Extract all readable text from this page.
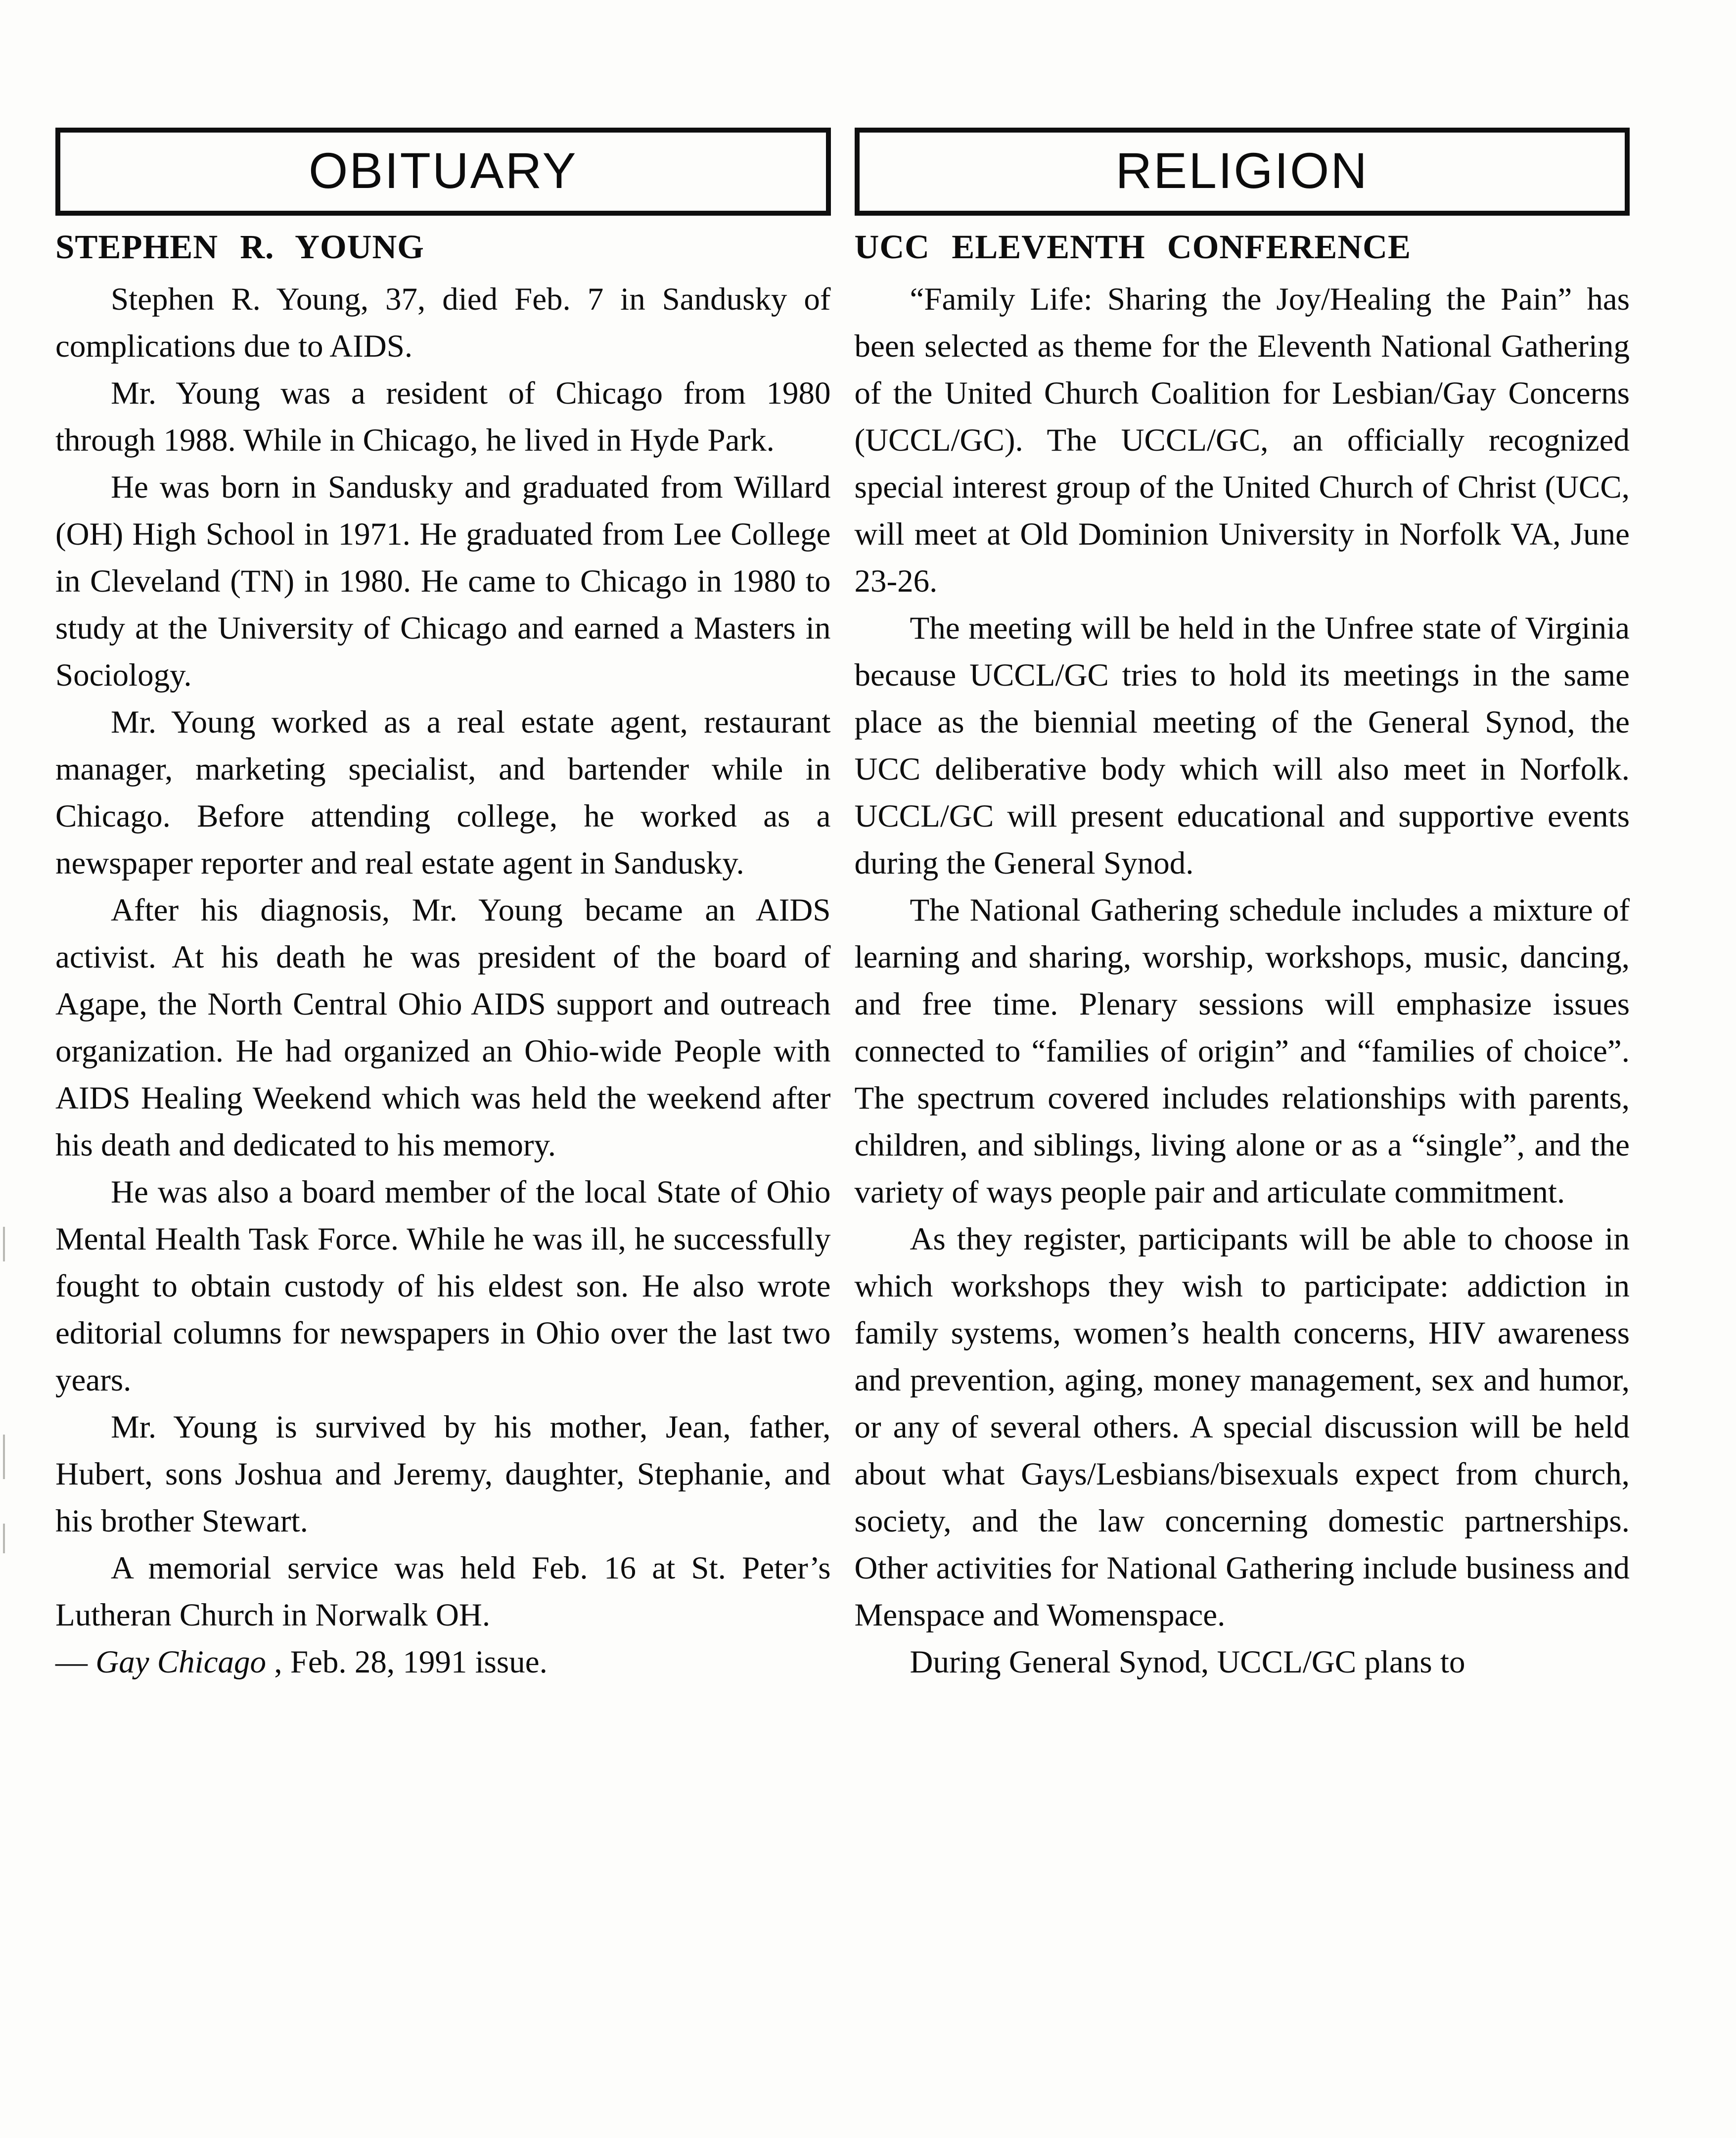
OBITUARY
STEPHEN R. YOUNG

Stephen R. Young, 37, died Feb. 7 in Sandusky of complications due to AIDS.

Mr. Young was a resident of Chicago from 1980 through 1988. While in Chicago, he lived in Hyde Park.

He was born in Sandusky and graduated from Willard (OH) High School in 1971. He graduated from Lee College in Cleveland (TN) in 1980. He came to Chicago in 1980 to study at the University of Chicago and earned a Masters in Sociology.

Mr. Young worked as a real estate agent, restaurant manager, marketing specialist, and bartender while in Chicago. Before attending college, he worked as a newspaper reporter and real estate agent in Sandusky.

After his diagnosis, Mr. Young became an AIDS activist. At his death he was president of the board of Agape, the North Central Ohio AIDS support and outreach organization. He had organized an Ohio-wide People with AIDS Healing Weekend which was held the weekend after his death and dedicated to his memory.

He was also a board member of the local State of Ohio Mental Health Task Force. While he was ill, he successfully fought to obtain custody of his eldest son. He also wrote editorial columns for newspapers in Ohio over the last two years.

Mr. Young is survived by his mother, Jean, father, Hubert, sons Joshua and Jeremy, daughter, Stephanie, and his brother Stewart.

A memorial service was held Feb. 16 at St. Peter’s Lutheran Church in Norwalk OH.

— Gay Chicago , Feb. 28, 1991 issue.

RELIGION
UCC ELEVENTH CONFERENCE

“Family Life: Sharing the Joy/Healing the Pain” has been selected as theme for the Eleventh National Gathering of the United Church Coalition for Lesbian/Gay Concerns (UCCL/GC). The UCCL/GC, an officially recognized special interest group of the United Church of Christ (UCC, will meet at Old Dominion University in Norfolk VA, June 23-26.

The meeting will be held in the Unfree state of Virginia because UCCL/GC tries to hold its meetings in the same place as the biennial meeting of the General Synod, the UCC deliberative body which will also meet in Norfolk. UCCL/GC will present educational and supportive events during the General Synod.

The National Gathering schedule includes a mixture of learning and sharing, worship, workshops, music, dancing, and free time. Plenary sessions will emphasize issues connected to “families of origin” and “families of choice”. The spectrum covered includes relationships with parents, children, and siblings, living alone or as a “single”, and the variety of ways people pair and articulate commitment.

As they register, participants will be able to choose in which workshops they wish to participate: addiction in family systems, women’s health concerns, HIV awareness and prevention, aging, money management, sex and humor, or any of several others. A special discussion will be held about what Gays/Lesbians/bisexuals expect from church, society, and the law concerning domestic partnerships. Other activities for National Gathering include business and Menspace and Womenspace.

During General Synod, UCCL/GC plans to
